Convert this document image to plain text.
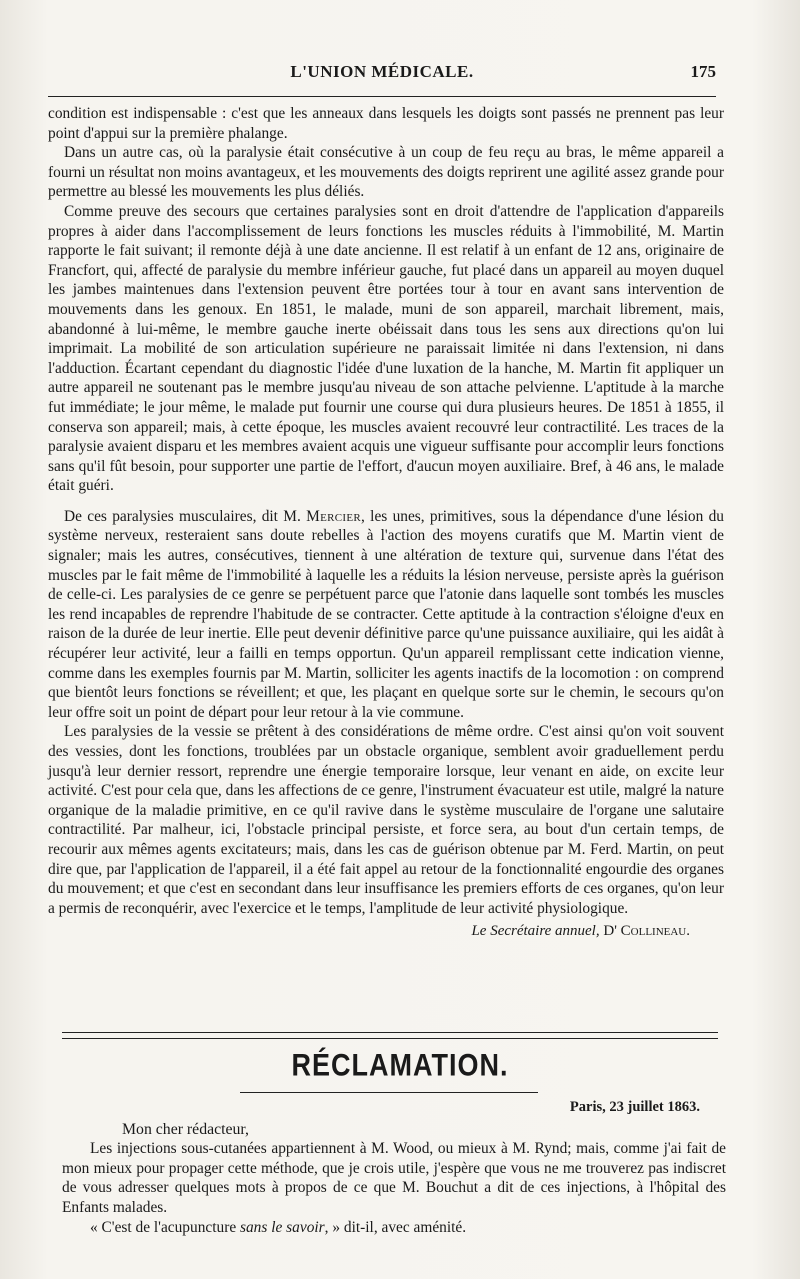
L'UNION MÉDICALE.	175

condition est indispensable : c'est que les anneaux dans lesquels les doigts sont passés ne prennent pas leur point d'appui sur la première phalange.

Dans un autre cas, où la paralysie était consécutive à un coup de feu reçu au bras, le même appareil a fourni un résultat non moins avantageux, et les mouvements des doigts reprirent une agilité assez grande pour permettre au blessé les mouvements les plus déliés.

Comme preuve des secours que certaines paralysies sont en droit d'attendre de l'application d'appareils propres à aider dans l'accomplissement de leurs fonctions les muscles réduits à l'immobilité, M. Martin rapporte le fait suivant; il remonte déjà à une date ancienne. Il est relatif à un enfant de 12 ans, originaire de Francfort, qui, affecté de paralysie du membre inférieur gauche, fut placé dans un appareil au moyen duquel les jambes maintenues dans l'extension peuvent être portées tour à tour en avant sans intervention de mouvements dans les genoux. En 1851, le malade, muni de son appareil, marchait librement, mais, abandonné à lui-même, le membre gauche inerte obéissait dans tous les sens aux directions qu'on lui imprimait. La mobilité de son articulation supérieure ne paraissait limitée ni dans l'extension, ni dans l'adduction. Écartant cependant du diagnostic l'idée d'une luxation de la hanche, M. Martin fit appliquer un autre appareil ne soutenant pas le membre jusqu'au niveau de son attache pelvienne. L'aptitude à la marche fut immédiate; le jour même, le malade put fournir une course qui dura plusieurs heures. De 1851 à 1855, il conserva son appareil; mais, à cette époque, les muscles avaient recouvré leur contractilité. Les traces de la paralysie avaient disparu et les membres avaient acquis une vigueur suffisante pour accomplir leurs fonctions sans qu'il fût besoin, pour supporter une partie de l'effort, d'aucun moyen auxiliaire. Bref, à 46 ans, le malade était guéri.

De ces paralysies musculaires, dit M. Mercier, les unes, primitives, sous la dépendance d'une lésion du système nerveux, resteraient sans doute rebelles à l'action des moyens curatifs que M. Martin vient de signaler; mais les autres, consécutives, tiennent à une altération de texture qui, survenue dans l'état des muscles par le fait même de l'immobilité à laquelle les a réduits la lésion nerveuse, persiste après la guérison de celle-ci. Les paralysies de ce genre se perpétuent parce que l'atonie dans laquelle sont tombés les muscles les rend incapables de reprendre l'habitude de se contracter. Cette aptitude à la contraction s'éloigne d'eux en raison de la durée de leur inertie. Elle peut devenir définitive parce qu'une puissance auxiliaire, qui les aidât à récupérer leur activité, leur a failli en temps opportun. Qu'un appareil remplissant cette indication vienne, comme dans les exemples fournis par M. Martin, solliciter les agents inactifs de la locomotion : on comprend que bientôt leurs fonctions se réveillent; et que, les plaçant en quelque sorte sur le chemin, le secours qu'on leur offre soit un point de départ pour leur retour à la vie commune.

Les paralysies de la vessie se prêtent à des considérations de même ordre. C'est ainsi qu'on voit souvent des vessies, dont les fonctions, troublées par un obstacle organique, semblent avoir graduellement perdu jusqu'à leur dernier ressort, reprendre une énergie temporaire lorsque, leur venant en aide, on excite leur activité. C'est pour cela que, dans les affections de ce genre, l'instrument évacuateur est utile, malgré la nature organique de la maladie primitive, en ce qu'il ravive dans le système musculaire de l'organe une salutaire contractilité. Par malheur, ici, l'obstacle principal persiste, et force sera, au bout d'un certain temps, de recourir aux mêmes agents excitateurs; mais, dans les cas de guérison obtenue par M. Ferd. Martin, on peut dire que, par l'application de l'appareil, il a été fait appel au retour de la fonctionnalité engourdie des organes du mouvement; et que c'est en secondant dans leur insuffisance les premiers efforts de ces organes, qu'on leur a permis de reconquérir, avec l'exercice et le temps, l'amplitude de leur activité physiologique.

Le Secrétaire annuel, D' Collineau.
RÉCLAMATION.
Paris, 23 juillet 1863.
Mon cher rédacteur,

Les injections sous-cutanées appartiennent à M. Wood, ou mieux à M. Rynd; mais, comme j'ai fait de mon mieux pour propager cette méthode, que je crois utile, j'espère que vous ne me trouverez pas indiscret de vous adresser quelques mots à propos de ce que M. Bouchut a dit de ces injections, à l'hôpital des Enfants malades.

« C'est de l'acupuncture sans le savoir, » dit-il, avec aménité.
